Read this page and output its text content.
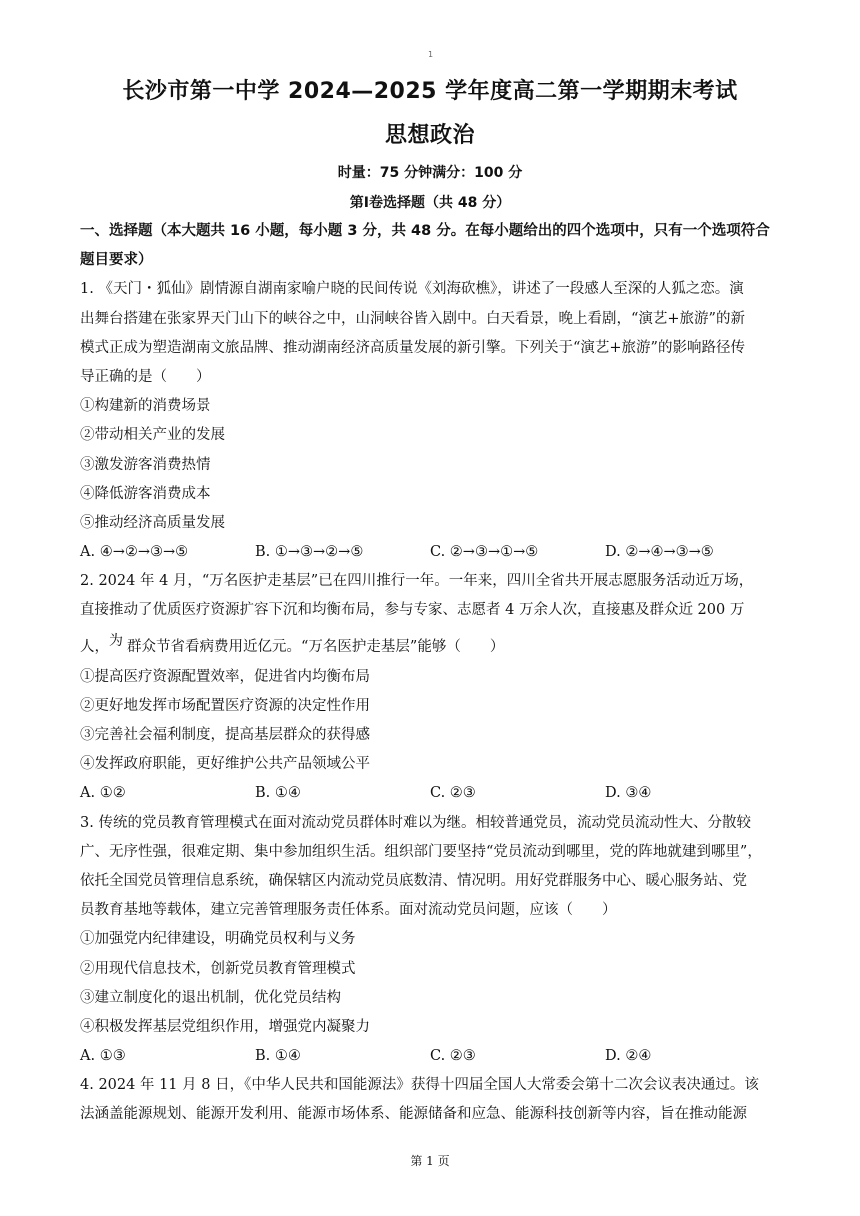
1
长沙市第一中学 2024—2025 学年度高二第一学期期末考试
思想政治
时量：75 分钟满分：100 分
第Ⅰ卷选择题（共 48 分）
一、选择题（本大题共 16 小题，每小题 3 分，共 48 分。在每小题给出的四个选项中，只有一个选项符合
题目要求）
1. 《天门・狐仙》剧情源自湖南家喻户晓的民间传说《刘海砍樵》，讲述了一段感人至深的人狐之恋。演
出舞台搭建在张家界天门山下的峡谷之中，山洞峡谷皆入剧中。白天看景，晚上看剧，“演艺+旅游”的新
模式正成为塑造湖南文旅品牌、推动湖南经济高质量发展的新引擎。下列关于“演艺+旅游”的影响路径传
导正确的是（　　）
①构建新的消费场景
②带动相关产业的发展
③激发游客消费热情
④降低游客消费成本
⑤推动经济高质量发展
A. ④→②→③→⑤	B. ①→③→②→⑤	C. ②→③→①→⑤	D. ②→④→③→⑤
2. 2024 年 4 月，“万名医护走基层”已在四川推行一年。一年来，四川全省共开展志愿服务活动近万场，
直接推动了优质医疗资源扩容下沉和均衡布局，参与专家、志愿者 4 万余人次，直接惠及群众近 200 万
人，为 群众节省看病费用近亿元。“万名医护走基层”能够（　　）
①提高医疗资源配置效率，促进省内均衡布局
②更好地发挥市场配置医疗资源的决定性作用
③完善社会福利制度，提高基层群众的获得感
④发挥政府职能，更好维护公共产品领域公平
A. ①②	B. ①④	C. ②③	D. ③④
3. 传统的党员教育管理模式在面对流动党员群体时难以为继。相较普通党员，流动党员流动性大、分散较
广、无序性强，很难定期、集中参加组织生活。组织部门要坚持“党员流动到哪里，党的阵地就建到哪里”，
依托全国党员管理信息系统，确保辖区内流动党员底数清、情况明。用好党群服务中心、暖心服务站、党
员教育基地等载体，建立完善管理服务责任体系。面对流动党员问题，应该（　　）
①加强党内纪律建设，明确党员权利与义务
②用现代信息技术，创新党员教育管理模式
③建立制度化的退出机制，优化党员结构
④积极发挥基层党组织作用，增强党内凝聚力
A. ①③	B. ①④	C. ②③	D. ②④
4. 2024 年 11 月 8 日，《中华人民共和国能源法》获得十四届全国人大常委会第十二次会议表决通过。该
法涵盖能源规划、能源开发利用、能源市场体系、能源储备和应急、能源科技创新等内容，旨在推动能源
第 1 页
